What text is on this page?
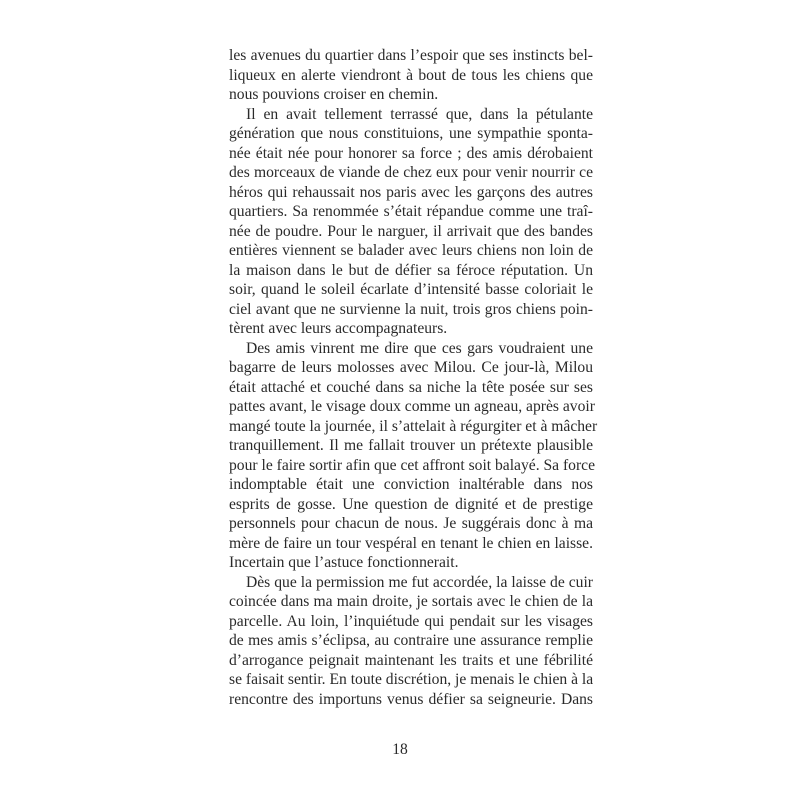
les avenues du quartier dans l’espoir que ses instincts bel-
liqueux en alerte viendront à bout de tous les chiens que
nous pouvions croiser en chemin.
Il en avait tellement terrassé que, dans la pétulante
génération que nous constituions, une sympathie sponta-
née était née pour honorer sa force ; des amis dérobaient
des morceaux de viande de chez eux pour venir nourrir ce
héros qui rehaussait nos paris avec les garçons des autres
quartiers. Sa renommée s’était répandue comme une traî-
née de poudre. Pour le narguer, il arrivait que des bandes
entières viennent se balader avec leurs chiens non loin de
la maison dans le but de défier sa féroce réputation. Un
soir, quand le soleil écarlate d’intensité basse coloriait le
ciel avant que ne survienne la nuit, trois gros chiens poin-
tèrent avec leurs accompagnateurs.
Des amis vinrent me dire que ces gars voudraient une
bagarre de leurs molosses avec Milou. Ce jour-là, Milou
était attaché et couché dans sa niche la tête posée sur ses
pattes avant, le visage doux comme un agneau, après avoir
mangé toute la journée, il s’attelait à régurgiter et à mâcher
tranquillement. Il me fallait trouver un prétexte plausible
pour le faire sortir afin que cet affront soit balayé. Sa force
indomptable était une conviction inaltérable dans nos
esprits de gosse. Une question de dignité et de prestige
personnels pour chacun de nous. Je suggérais donc à ma
mère de faire un tour vespéral en tenant le chien en laisse.
Incertain que l’astuce fonctionnerait.
Dès que la permission me fut accordée, la laisse de cuir
coincée dans ma main droite, je sortais avec le chien de la
parcelle. Au loin, l’inquiétude qui pendait sur les visages
de mes amis s’éclipsa, au contraire une assurance remplie
d’arrogance peignait maintenant les traits et une fébrilité
se faisait sentir. En toute discrétion, je menais le chien à la
rencontre des importuns venus défier sa seigneurie. Dans
18
